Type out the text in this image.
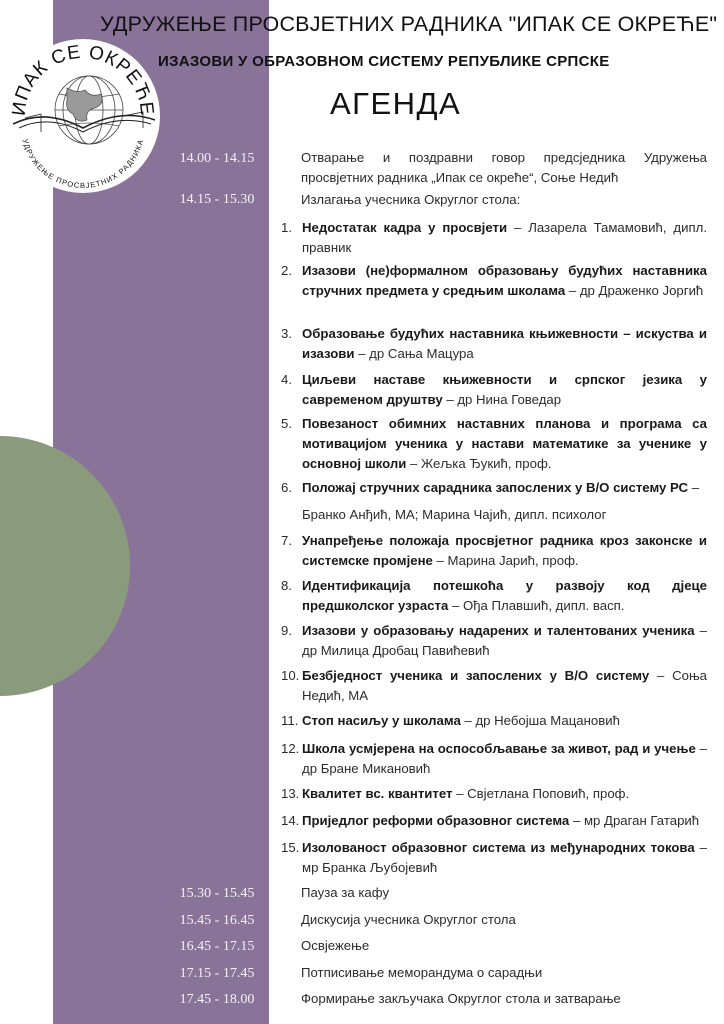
ИПАК СЕ ОКРЕЋЕ
УДРУЖЕЊЕ ПРОСВЈЕТНИХ РАДНИКА
УДРУЖЕЊЕ ПРОСВЈЕТНИХ РАДНИКА "ИПАК СЕ ОКРЕЋЕ"
ИЗАЗОВИ У ОБРАЗОВНОМ СИСТЕМУ РЕПУБЛИКЕ СРПСКЕ
АГЕНДА
14.00 - 14.15	Отварање и поздравни говор предсједника Удружења просвјетних радника „Ипак се окреће“, Соње Недић
14.15 - 15.30	Излагања учесника Округлог стола:
1. Недостатак кадра у просвјети – Лазарела Тамамовић, дипл. правник
2. Изазови (не)формалном образовању будућих наставника стручних предмета у средњим школама – др Драженко Јоргић
3. Образовање будућих наставника књижевности – искуства и изазови – др Сања Мацура
4. Циљеви наставе књижевности и српског језика у савременом друштву – др Нина Говедар
5. Повезаност обимних наставних планова и програма са мотивацијом ученика у настави математике за ученике у основној школи – Жељка Ђукић, проф.
6. Положај стручних сарадника запослених у В/О систему РС –
Бранко Анђић, МА; Марина Чајић, дипл. психолог
7. Унапређење положаја просвјетног радника кроз законске и системске промјене – Марина Јарић, проф.
8. Идентификација потешкоћа у развоју код дјеце предшколског узраста – Ођа Плавшић, дипл. васп.
9. Изазови у образовању надарених и талентованих ученика – др Милица Дробац Павићевић
10. Безбједност ученика и запослених у В/О систему – Соња Недић, МА
11. Стоп насиљу у школама – др Небојша Мацановић
12. Школа усмјерена на оспособљавање за живот, рад и учење – др Бране Микановић
13. Квалитет вс. квантитет – Свјетлана Поповић, проф.
14. Приједлог реформи образовног система – мр Драган Гатарић
15. Изолованост образовног система из међународних токова – мр Бранка Љубојевић
15.30 - 15.45	Пауза за кафу
15.45 - 16.45	Дискусија учесника Округлог стола
16.45 - 17.15	Освјежење
17.15 - 17.45	Потписивање меморандума о сарадњи
17.45 - 18.00	Формирање закључака Округлог стола и затварање
